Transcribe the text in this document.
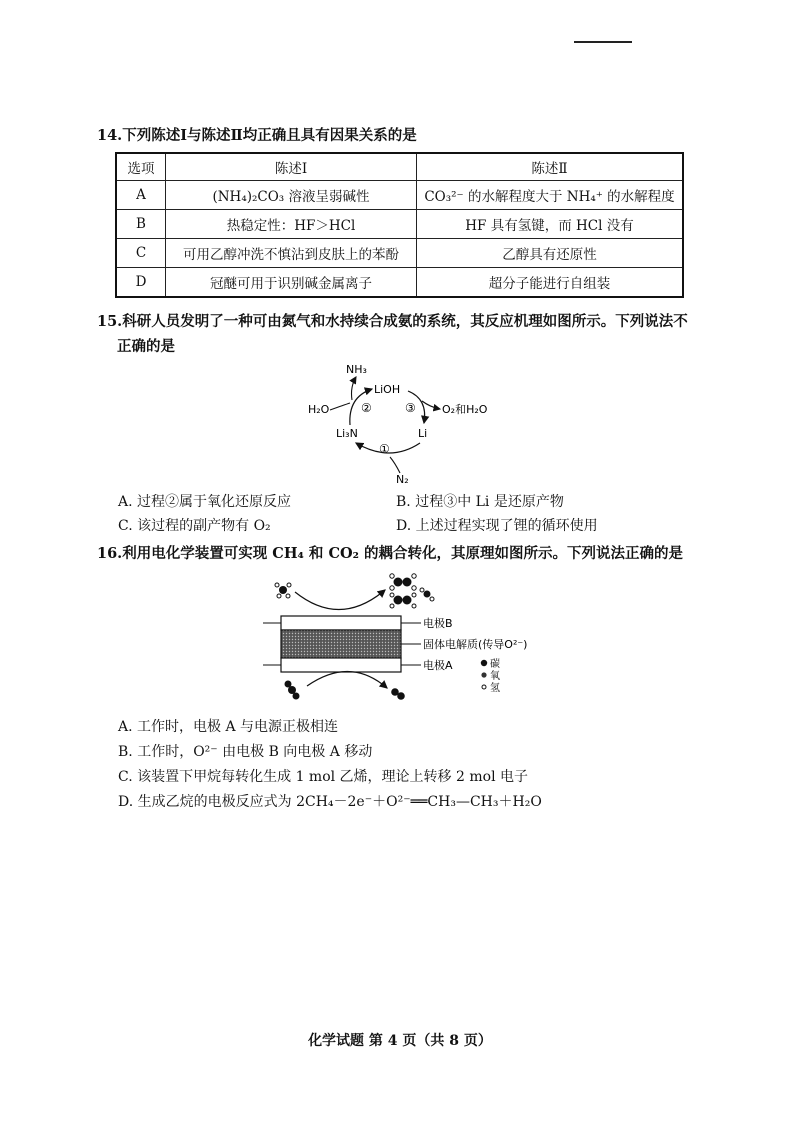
14.下列陈述Ⅰ与陈述Ⅱ均正确且具有因果关系的是
选项	陈述Ⅰ	陈述Ⅱ
A	(NH₄)₂CO₃ 溶液呈弱碱性	CO₃²⁻ 的水解程度大于 NH₄⁺ 的水解程度
B	热稳定性：HF＞HCl	HF 具有氢键，而 HCl 没有
C	可用乙醇冲洗不慎沾到皮肤上的苯酚	乙醇具有还原性
D	冠醚可用于识别碱金属离子	超分子能进行自组装
15.科研人员发明了一种可由氮气和水持续合成氨的系统，其反应机理如图所示。下列说法不
正确的是
NH₃
LiOH
H₂O	②	③ O₂和H₂O
Li₃N	Li
①
N₂
A. 过程②属于氧化还原反应	B. 过程③中 Li 是还原产物
C. 该过程的副产物有 O₂	D. 上述过程实现了锂的循环使用
16.利用电化学装置可实现 CH₄ 和 CO₂ 的耦合转化，其原理如图所示。下列说法正确的是
电极B
固体电解质(传导O²⁻)
电极A	碳
氧
氢
A. 工作时，电极 A 与电源正极相连
B. 工作时，O²⁻ 由电极 B 向电极 A 移动
C. 该装置下甲烷每转化生成 1 mol 乙烯，理论上转移 2 mol 电子
D. 生成乙烷的电极反应式为 2CH₄－2e⁻＋O²⁻══CH₃—CH₃＋H₂O
化学试题 第 4 页（共 8 页）
